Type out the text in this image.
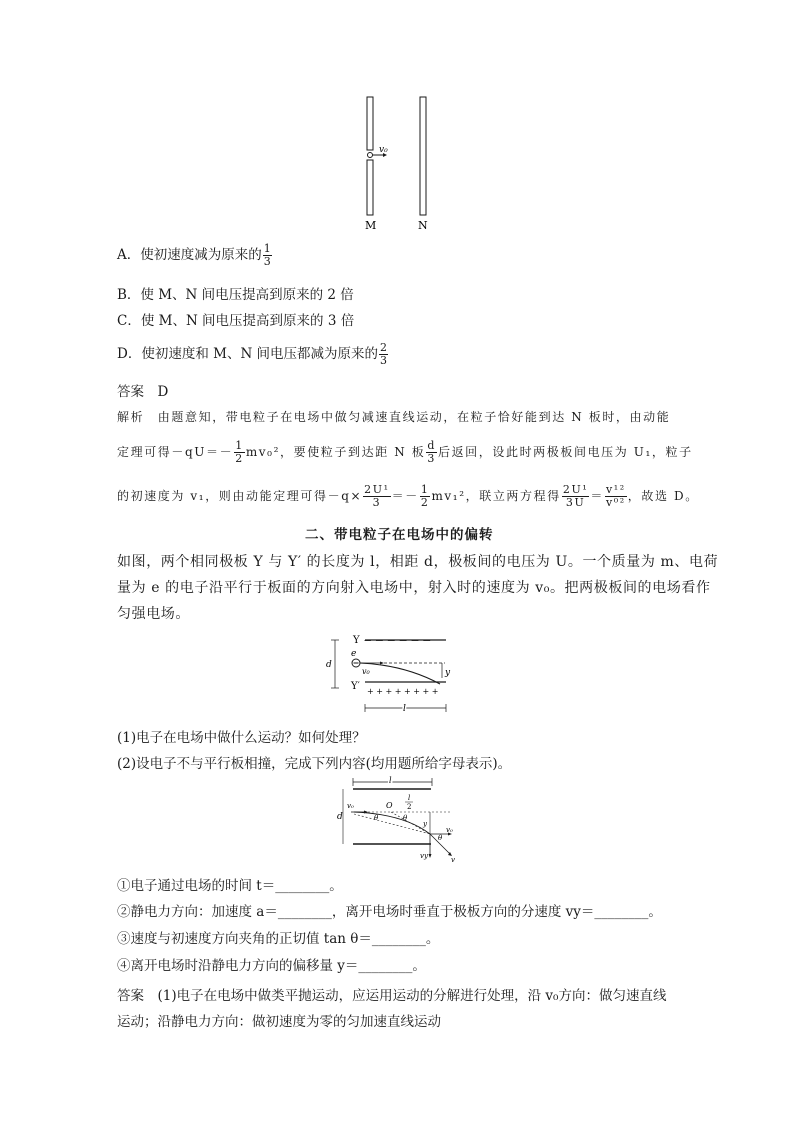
v₀
M	N
A．使初速度减为原来的 $\frac{1}{3}$
B．使 M、N 间电压提高到原来的 2 倍
C．使 M、N 间电压提高到原来的 3 倍
D．使初速度和 M、N 间电压都减为原来的 $\frac{2}{3}$
答案　 D
解析　由题意知，带电粒子在电场中做匀减速直线运动，在粒子恰好能到达 N 板时，由动能
定理可得$-qU=- \frac{1}{2} mv_0^2$，要使粒子到达距 N 板 $\frac{d}{3}$ 后返回，设此时两极板间电压为 U₁，粒子
的初速度为 v₁，则由动能定理可得$-q\times \frac{\text{2U¹}}{3} =- \frac{1}{2} mv_1^2$，联立两方程得 $\frac{\text{2U¹}}{3U} = \frac{\text{v¹²}}{\text{v⁰²}}$ ，故选 D。
二、带电粒子在电场中的偏转
如图，两个相同极板 Y 与 Y′ 的长度为 l，相距 d，极板间的电压为 U。一个质量为 m、电荷
量为 e 的电子沿平行于板面的方向射入电场中，射入时的速度为 v₀。把两极板间的电场看作
匀强电场。
Y － － － － － －
e
v₀	y
d
Y′ + + + + + + + +
l
(1)电子在电场中做什么运动？如何处理？
(2)设电子不与平行板相撞，完成下列内容(均用题所给字母表示)。
l
d
v₀	O
l
2
θ	θ
y
v₀
vy	v
θ
①电子通过电场的时间 t＝________。
②静电力方向：加速度 a＝________，离开电场时垂直于极板方向的分速度 vy＝________。
③速度与初速度方向夹角的正切值 tan θ＝________。
④离开电场时沿静电力方向的偏移量 y＝________。
答案　(1)电子在电场中做类平抛运动，应运用运动的分解进行处理，沿 v₀方向：做匀速直线
运动；沿静电力方向：做初速度为零的匀加速直线运动
